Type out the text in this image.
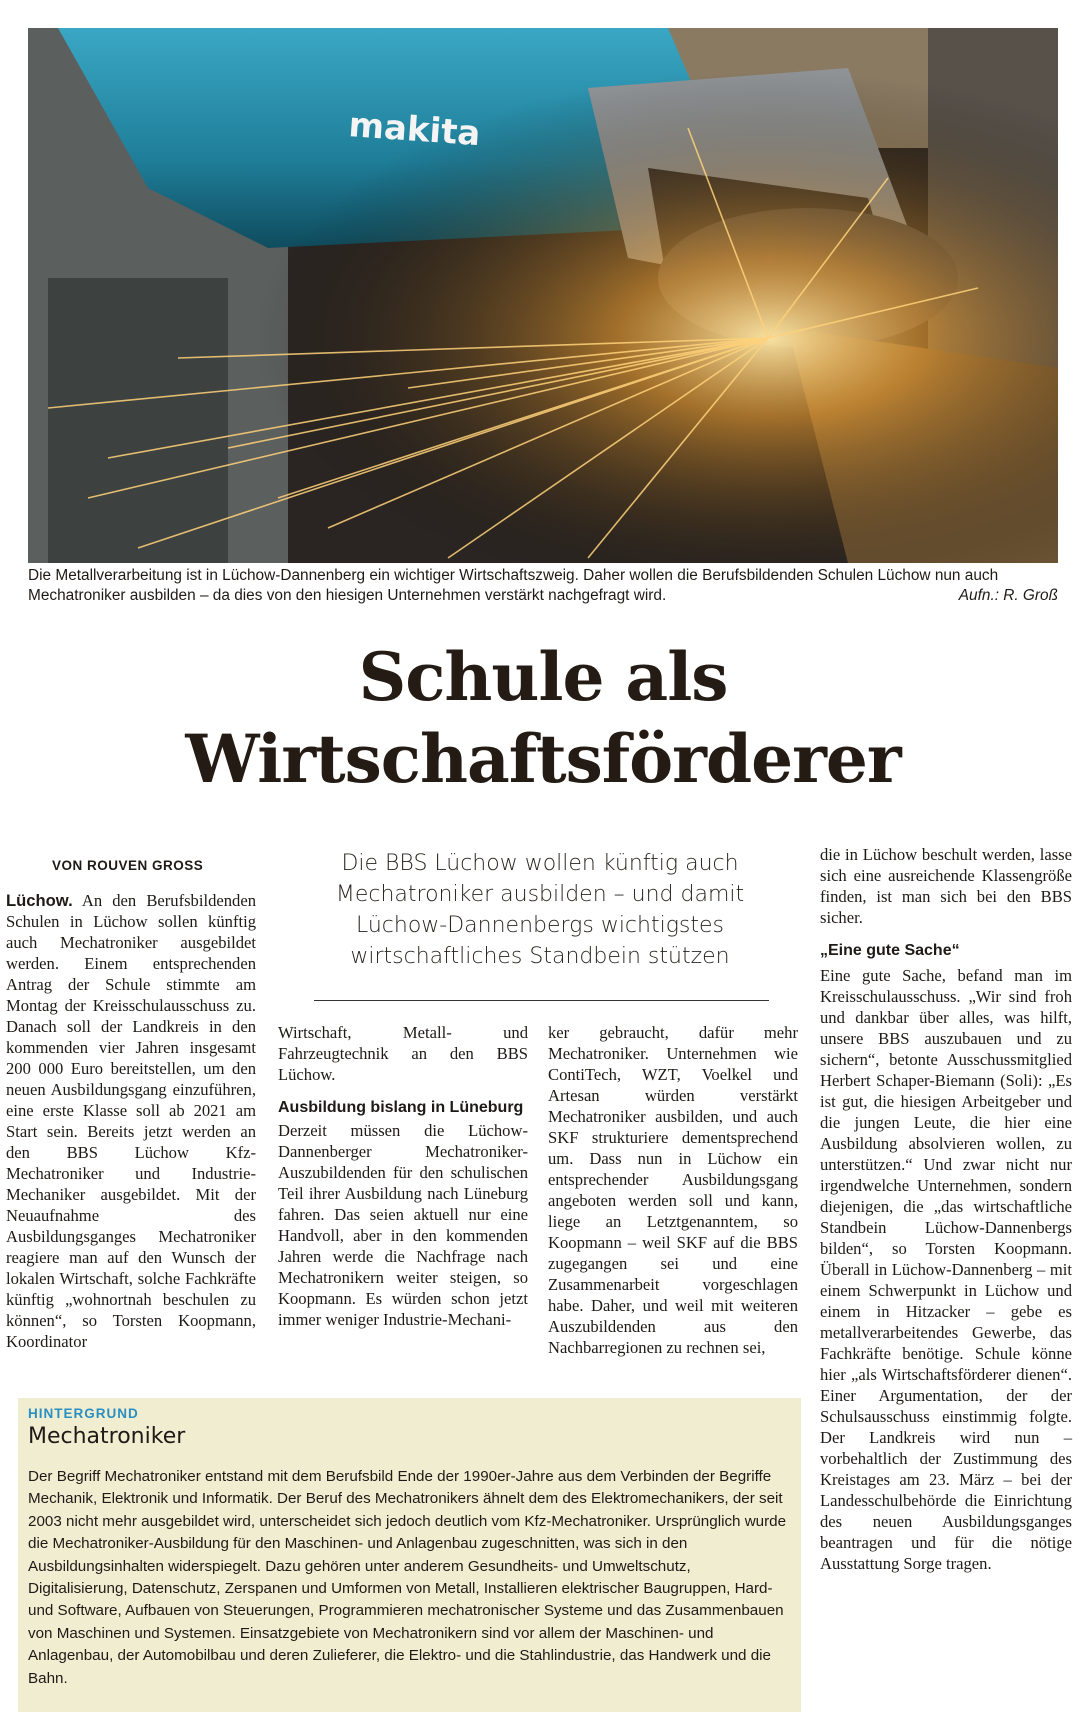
makita
Die Metallverarbeitung ist in Lüchow-Dannenberg ein wichtiger Wirtschaftszweig. Daher wollen die Berufsbildenden Schulen Lüchow nun auch Mechatroniker ausbilden – da dies von den hiesigen Unternehmen verstärkt nachgefragt wird.	Aufn.: R. Groß
Schule als
Wirtschaftsförderer
VON ROUVEN GROSS	Die BBS Lüchow wollen künftig auch Mechatroniker ausbilden – und damit Lüchow-Dannenbergs wichtigstes wirtschaftliches Standbein stützen

Lüchow. An den Berufsbildenden Schulen in Lüchow sollen künftig auch Mechatroniker ausgebildet werden. Einem entsprechenden Antrag der Schule stimmte am Montag der Kreisschulausschuss zu. Danach soll der Landkreis in den kommenden vier Jahren insgesamt 200 000 Euro bereitstellen, um den neuen Ausbildungsgang einzuführen, eine erste Klasse soll ab 2021 am Start sein. Bereits jetzt werden an den BBS Lüchow Kfz-Mechatroniker und Industrie-Mechaniker ausgebildet. Mit der Neuaufnahme des Ausbildungsganges Mechatroniker reagiere man auf den Wunsch der lokalen Wirtschaft, solche Fachkräfte künftig „wohnortnah beschulen zu können“, so Torsten Koopmann, Koordinator

Wirtschaft, Metall- und Fahrzeugtechnik an den BBS Lüchow.

Ausbildung bislang in Lüneburg

Derzeit müssen die Lüchow-Dannenberger Mechatroniker-Auszubildenden für den schulischen Teil ihrer Ausbildung nach Lüneburg fahren. Das seien aktuell nur eine Handvoll, aber in den kommenden Jahren werde die Nachfrage nach Mechatronikern weiter steigen, so Koopmann. Es würden schon jetzt immer weniger Industrie-Mechani-

ker gebraucht, dafür mehr Mechatroniker. Unternehmen wie ContiTech, WZT, Voelkel und Artesan würden verstärkt Mechatroniker ausbilden, und auch SKF strukturiere dementsprechend um. Dass nun in Lüchow ein entsprechender Ausbildungsgang angeboten werden soll und kann, liege an Letztgenanntem, so Koopmann – weil SKF auf die BBS zugegangen sei und eine Zusammenarbeit vorgeschlagen habe. Daher, und weil mit weiteren Auszubildenden aus den Nachbarregionen zu rechnen sei,

die in Lüchow beschult werden, lasse sich eine ausreichende Klassengröße finden, ist man sich bei den BBS sicher.

„Eine gute Sache“

Eine gute Sache, befand man im Kreisschulausschuss. „Wir sind froh und dankbar über alles, was hilft, unsere BBS auszubauen und zu sichern“, betonte Ausschussmitglied Herbert Schaper-Biemann (Soli): „Es ist gut, die hiesigen Arbeitgeber und die jungen Leute, die hier eine Ausbildung absolvieren wollen, zu unterstützen.“ Und zwar nicht nur irgendwelche Unternehmen, sondern diejenigen, die „das wirtschaftliche Standbein Lüchow-Dannenbergs bilden“, so Torsten Koopmann. Überall in Lüchow-Dannenberg – mit einem Schwerpunkt in Lüchow und einem in Hitzacker – gebe es metallverarbeitendes Gewerbe, das Fachkräfte benötige. Schule könne hier „als Wirtschaftsförderer dienen“. Einer Argumentation, der der Schulsausschuss einstimmig folgte. Der Landkreis wird nun – vorbehaltlich der Zustimmung des Kreistages am 23. März – bei der Landesschulbehörde die Einrichtung des neuen Ausbildungsganges beantragen und für die nötige Ausstattung Sorge tragen.

HINTERGRUND
Mechatroniker
Der Begriff Mechatroniker entstand mit dem Berufsbild Ende der 1990er-Jahre aus dem Verbinden der Begriffe Mechanik, Elektronik und Informatik. Der Beruf des Mechatronikers ähnelt dem des Elektromechanikers, der seit 2003 nicht mehr ausgebildet wird, unterscheidet sich jedoch deutlich vom Kfz-Mechatroniker. Ursprünglich wurde die Mechatroniker-Ausbildung für den Maschinen- und Anlagenbau zugeschnitten, was sich in den Ausbildungsinhalten widerspiegelt. Dazu gehören unter anderem Gesundheits- und Umweltschutz, Digitalisierung, Datenschutz, Zerspanen und Umformen von Metall, Installieren elektrischer Baugruppen, Hard- und Software, Aufbauen von Steuerungen, Programmieren mechatronischer Systeme und das Zusammenbauen von Maschinen und Systemen. Einsatzgebiete von Mechatronikern sind vor allem der Maschinen- und Anlagenbau, der Automobilbau und deren Zulieferer, die Elektro- und die Stahlindustrie, das Handwerk und die Bahn.
